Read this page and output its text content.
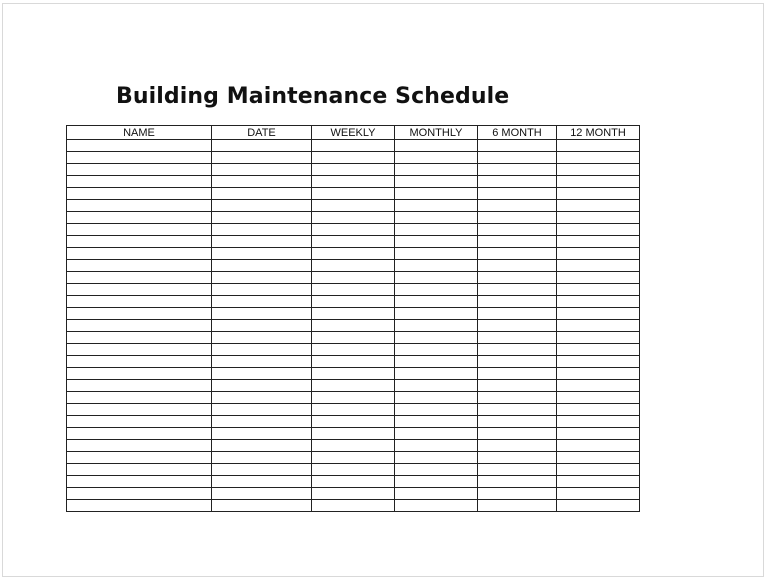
Building Maintenance Schedule
NAME	DATE	WEEKLY	MONTHLY	6 MONTH	12 MONTH
